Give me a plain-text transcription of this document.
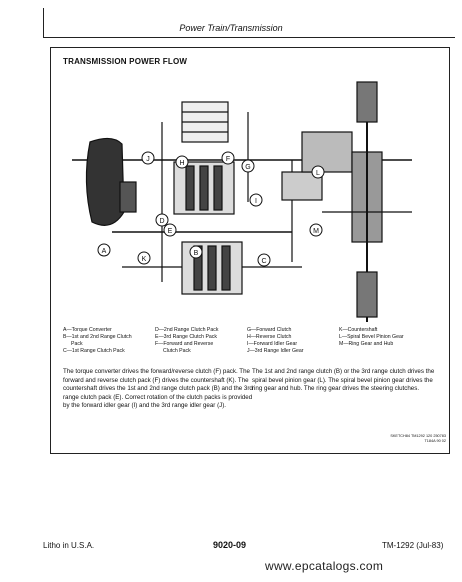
Power Train/Transmission
TRANSMISSION POWER FLOW
A	B
C
D
E
F
G
H
I
J
K
L
M
A—Torque Converter
B—1st and 2nd Range Clutch
Pack
C—1st Range Clutch Pack
D—2nd Range Clutch Pack
E—3rd Range Clutch Pack
F—Forward and Reverse
Clutch Pack
G—Forward Clutch
H—Reverse Clutch
I—Forward Idler Gear
J—3rd Range Idler Gear
K—Countershaft
L—Spiral Bevel Pinion Gear
M—Ring Gear and Hub
The torque converter drives the forward/reverse clutch (F) pack. The forward and reverse clutch pack (F) drives the countershaft (K). The countershaft drives the 1st and 2nd range clutch pack (B) and the 3rd range clutch pack (E). Correct rotation of the clutch packs is provided by the forward idler gear (I) and the 3rd range idler gear (J).
The 1st and 2nd range clutch (B) or the 3rd range clutch drives the spiral bevel pinion gear (L). The spiral bevel pinion gear drives the ring gear and hub. The ring gear drives the steering clutches.
SKETCH84 TM1292 120 250783
T184A 90 02
Litho in U.S.A.	9020-09	TM-1292 (Jul-83)
www.epcatalogs.com
